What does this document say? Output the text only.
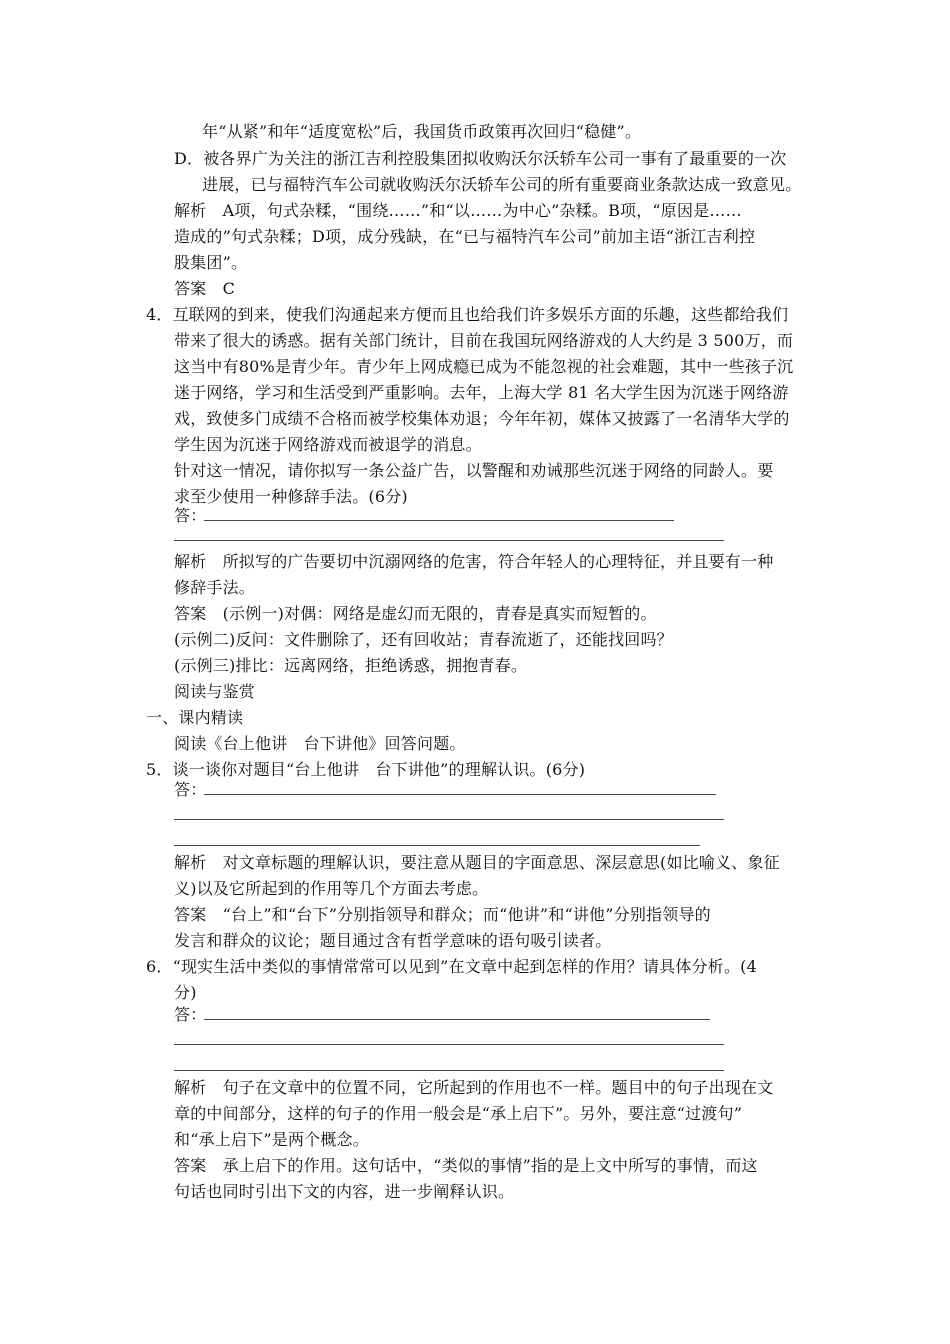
年“从紧”和年“适度宽松”后，我国货币政策再次回归“稳健”。
D．被各界广为关注的浙江吉利控股集团拟收购沃尔沃轿车公司一事有了最重要的一次
进展，已与福特汽车公司就收购沃尔沃轿车公司的所有重要商业条款达成一致意见。
解析　A项，句式杂糅，“围绕……”和“以……为中心”杂糅。B项，“原因是……
造成的”句式杂糅；D项，成分残缺，在“已与福特汽车公司”前加主语“浙江吉利控
股集团”。
答案　C
4．互联网的到来，使我们沟通起来方便而且也给我们许多娱乐方面的乐趣，这些都给我们
带来了很大的诱惑。据有关部门统计，目前在我国玩网络游戏的人大约是 3 500万，而
这当中有80%是青少年。青少年上网成瘾已成为不能忽视的社会难题，其中一些孩子沉
迷于网络，学习和生活受到严重影响。去年，上海大学 81 名大学生因为沉迷于网络游
戏，致使多门成绩不合格而被学校集体劝退；今年年初，媒体又披露了一名清华大学的
学生因为沉迷于网络游戏而被退学的消息。
针对这一情况，请你拟写一条公益广告，以警醒和劝诫那些沉迷于网络的同龄人。要
求至少使用一种修辞手法。(6分)
答：
解析　所拟写的广告要切中沉溺网络的危害，符合年轻人的心理特征，并且要有一种
修辞手法。
答案　(示例一)对偶：网络是虚幻而无限的，青春是真实而短暂的。
(示例二)反问：文件删除了，还有回收站；青春流逝了，还能找回吗？
(示例三)排比：远离网络，拒绝诱惑，拥抱青春。
阅读与鉴赏
一、课内精读
阅读《台上他讲　台下讲他》回答问题。
5．谈一谈你对题目“台上他讲　台下讲他”的理解认识。(6分)
答：
解析　对文章标题的理解认识，要注意从题目的字面意思、深层意思(如比喻义、象征
义)以及它所起到的作用等几个方面去考虑。
答案　“台上”和“台下”分别指领导和群众；而“他讲”和“讲他”分别指领导的
发言和群众的议论；题目通过含有哲学意味的语句吸引读者。
6．“现实生活中类似的事情常常可以见到”在文章中起到怎样的作用？请具体分析。(4
分)
答：
解析　句子在文章中的位置不同，它所起到的作用也不一样。题目中的句子出现在文
章的中间部分，这样的句子的作用一般会是“承上启下”。另外，要注意“过渡句”
和“承上启下”是两个概念。
答案　承上启下的作用。这句话中，“类似的事情”指的是上文中所写的事情，而这
句话也同时引出下文的内容，进一步阐释认识。
